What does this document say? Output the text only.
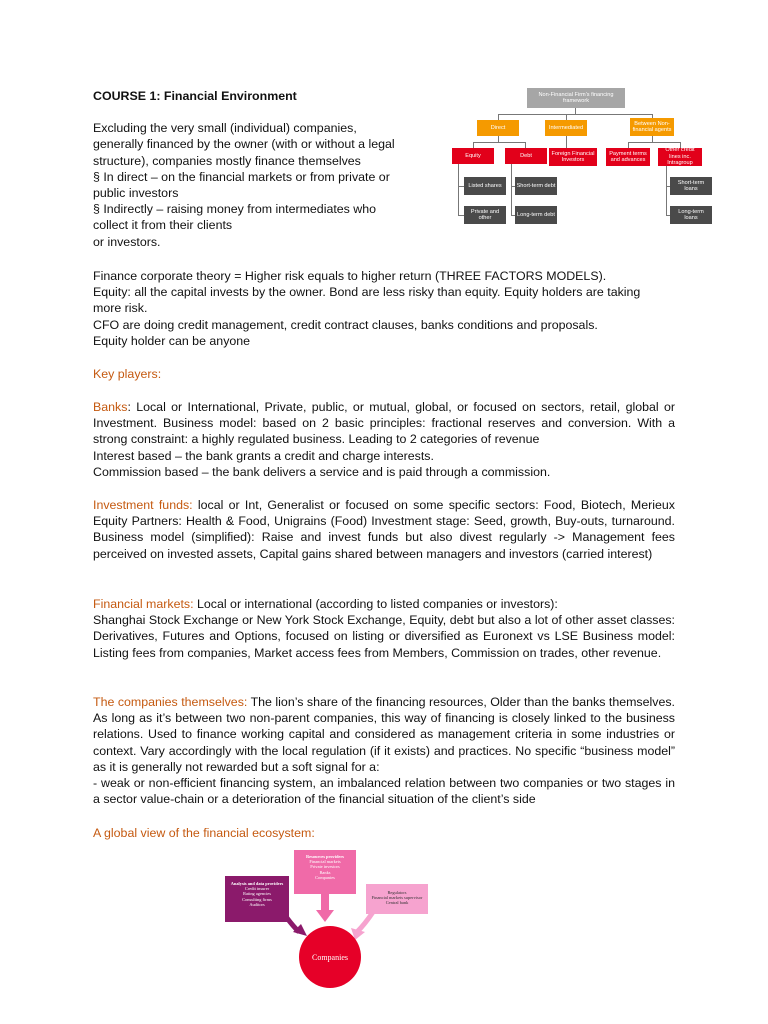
COURSE 1: Financial Environment

Excluding the very small (individual) companies,

generally financed by the owner (with or without a legal

structure), companies mostly finance themselves

§ In direct – on the financial markets or from private or

public investors

§ Indirectly – raising money from intermediates who

collect it from their clients

or investors.

Non-Financial Firm's financing framework
Direct	Intermediated
Between Non-financial agents
Equity	Debt	Foreign Financial Investors
Payment terms and advances
Other credit lines inc. Intragroup
Listed shares
Private and other
Short-term debt
Long-term debt
Short-term loans
Long-term loans

Finance corporate theory = Higher risk equals to higher return (THREE FACTORS MODELS).

Equity: all the capital invests by the owner. Bond are less risky than equity. Equity holders are taking

more risk.

CFO are doing credit management, credit contract clauses, banks conditions and proposals.

Equity holder can be anyone

Key players:

Banks: Local or International, Private, public, or mutual, global, or focused on sectors, retail, global or Investment. Business model: based on 2 basic principles: fractional reserves and conversion. With a strong constraint: a highly regulated business. Leading to 2 categories of revenue

Interest based – the bank grants a credit and charge interests.

Commission based – the bank delivers a service and is paid through a commission.

Investment funds: local or Int, Generalist or focused on some specific sectors: Food, Biotech, Merieux Equity Partners: Health & Food, Unigrains (Food) Investment stage: Seed, growth, Buy-outs, turnaround. Business model (simplified): Raise and invest funds but also divest regularly -> Management fees perceived on invested assets, Capital gains shared between managers and investors (carried interest)

Financial markets: Local or international (according to listed companies or investors):

Shanghai Stock Exchange or New York Stock Exchange, Equity, debt but also a lot of other asset classes: Derivatives, Futures and Options, focused on listing or diversified as Euronext vs LSE Business model: Listing fees from companies, Market access fees from Members, Commission on trades, other revenue.

The companies themselves: The lion’s share of the financing resources, Older than the banks themselves. As long as it’s between two non-parent companies, this way of financing is closely linked to the business relations. Used to finance working capital and considered as management criteria in some industries or context. Vary accordingly with the local regulation (if it exists) and practices. No specific “business model” as it is generally not rewarded but a soft signal for a:

- weak or non-efficient financing system, an imbalanced relation between two companies or two stages in a sector value-chain or a deterioration of the financial situation of the client’s side

A global view of the financial ecosystem:
Resources providers
Financial markets
Private investors
Banks
Companies
Analysis and data providers
Credit insurer
Rating agencies
Consulting firms
Auditors
Regulators
Financial markets supervisor
Central bank
Companies
